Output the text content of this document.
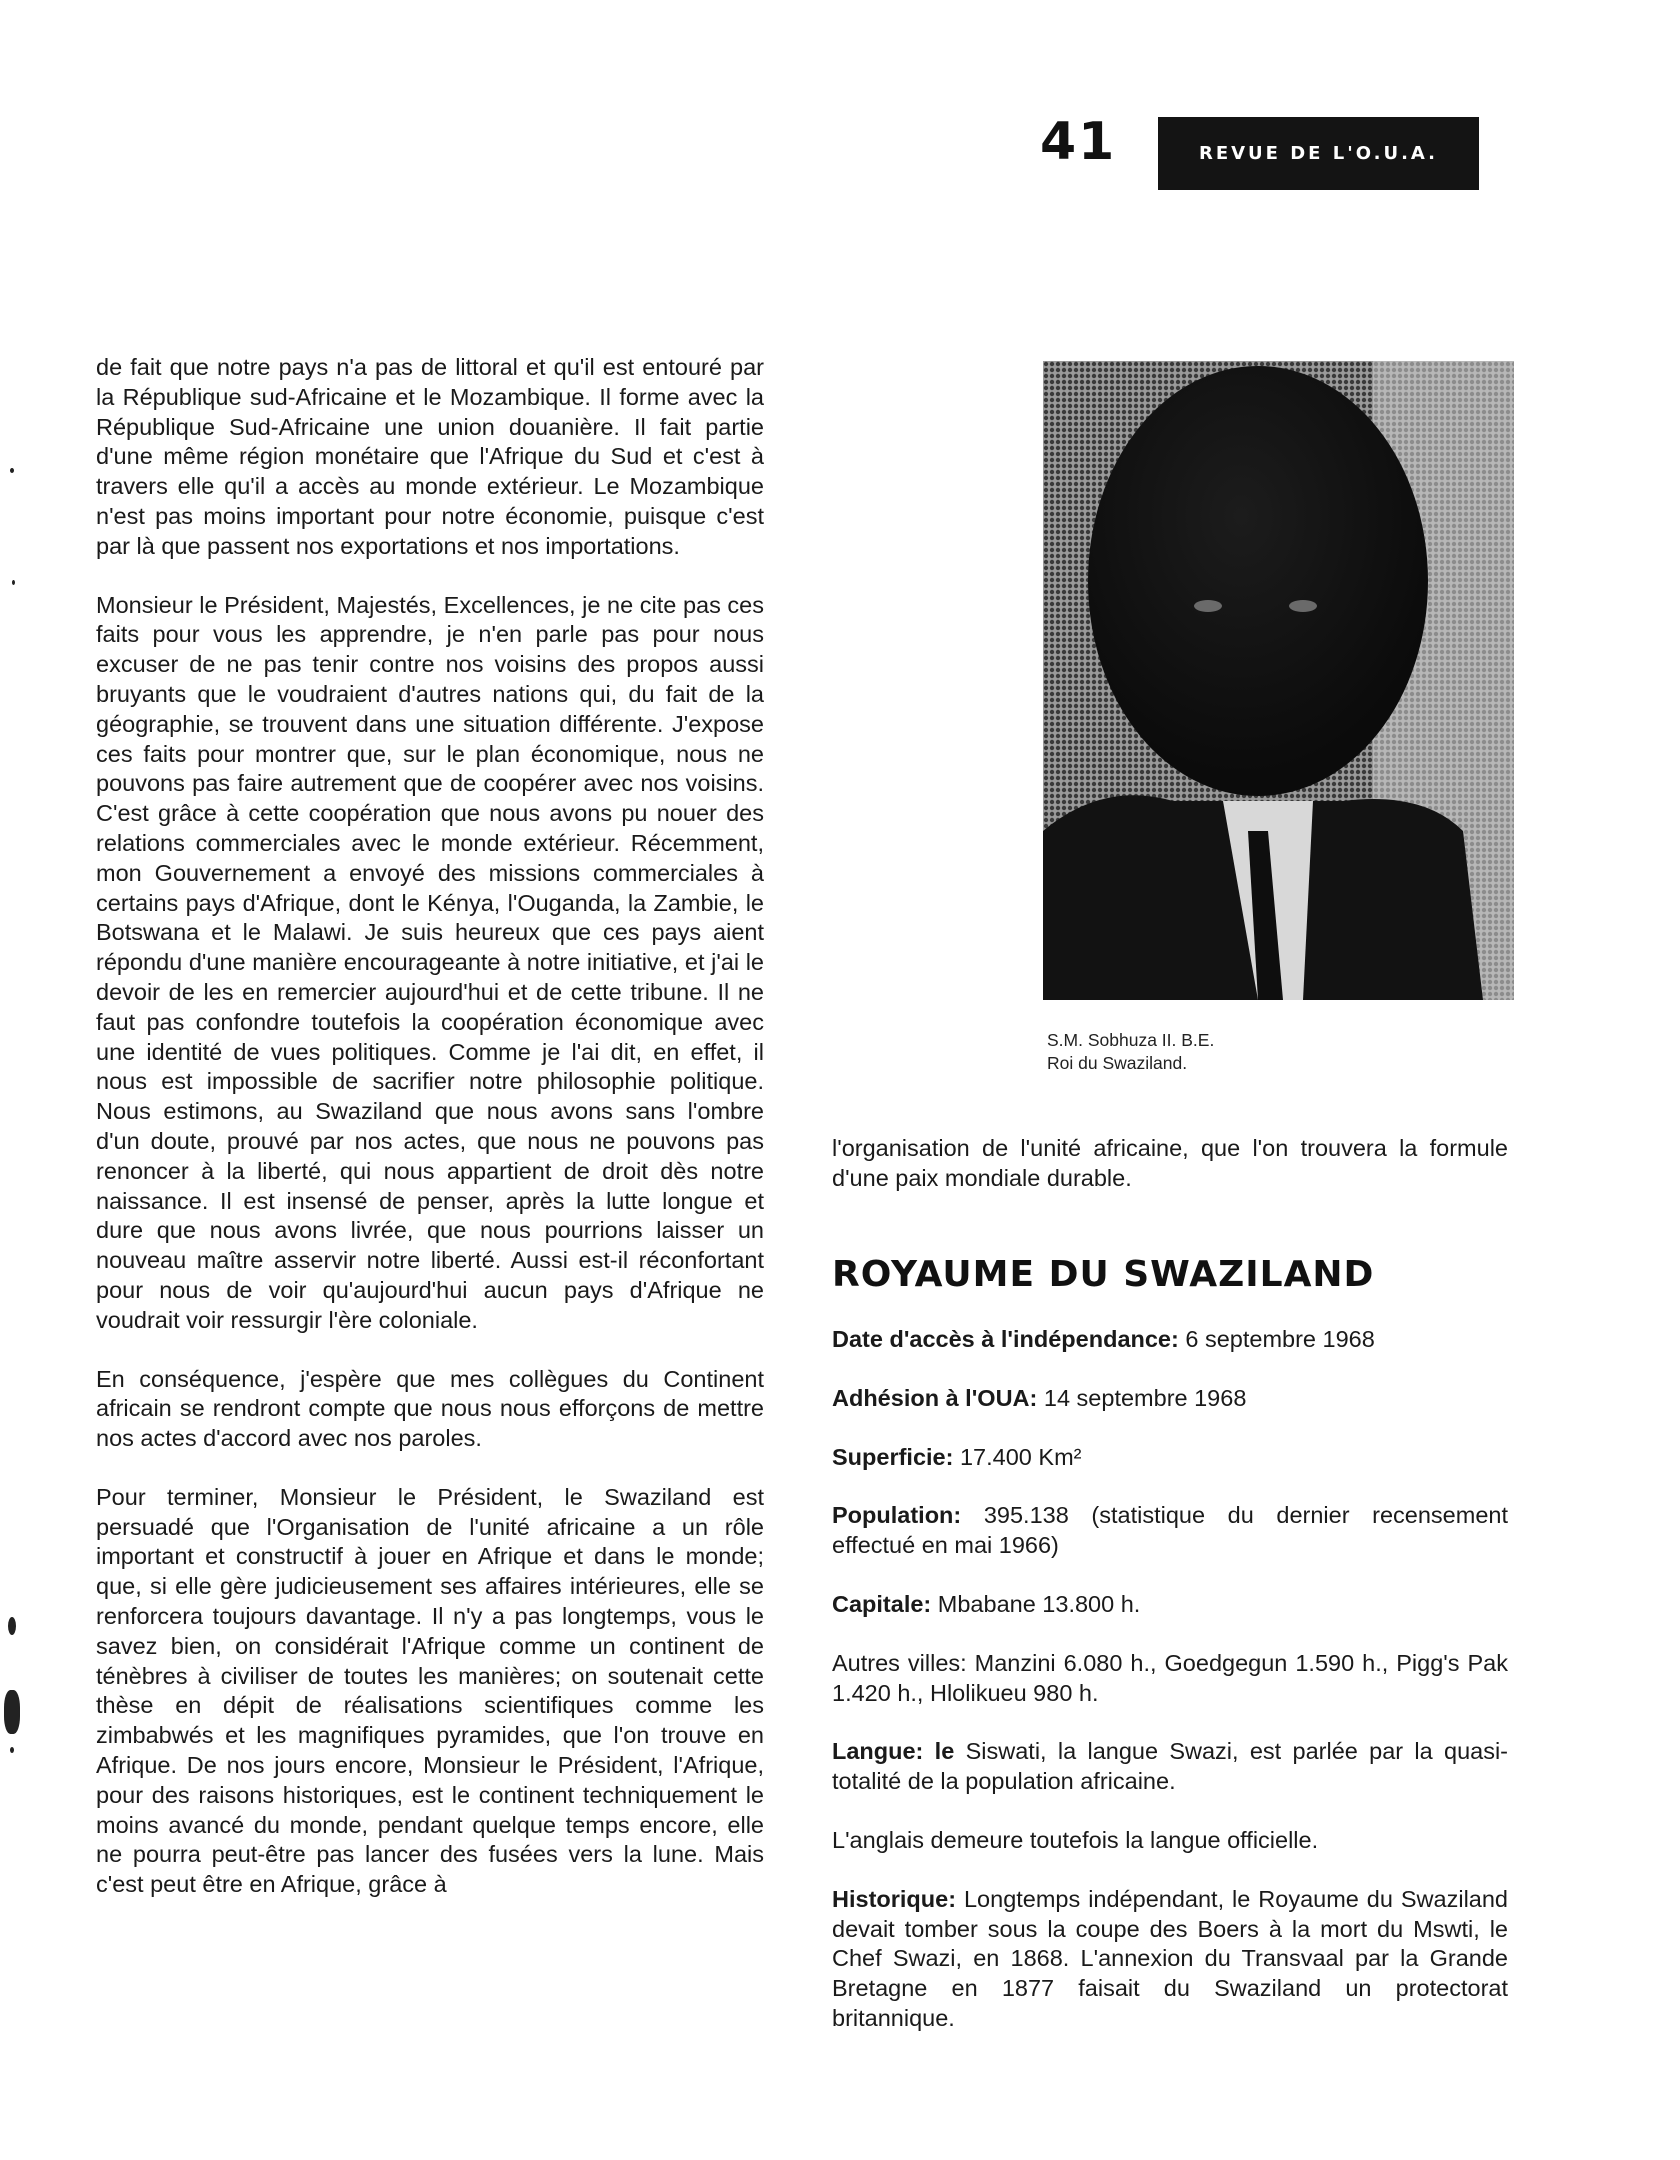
41	REVUE DE L'O.U.A.

de fait que notre pays n'a pas de littoral et qu'il est entouré par la République sud-Africaine et le Mozambique. Il forme avec la République Sud-Africaine une union douanière. Il fait partie d'une même région monétaire que l'Afrique du Sud et c'est à travers elle qu'il a accès au monde extérieur. Le Mozambique n'est pas moins important pour notre économie, puisque c'est par là que passent nos exportations et nos importations.

Monsieur le Président, Majestés, Excellences, je ne cite pas ces faits pour vous les apprendre, je n'en parle pas pour nous excuser de ne pas tenir contre nos voisins des propos aussi bruyants que le voudraient d'autres nations qui, du fait de la géographie, se trouvent dans une situation différente. J'expose ces faits pour montrer que, sur le plan économique, nous ne pouvons pas faire autrement que de coopérer avec nos voisins. C'est grâce à cette coopération que nous avons pu nouer des relations commerciales avec le monde extérieur. Récemment, mon Gouvernement a envoyé des missions commerciales à certains pays d'Afrique, dont le Kénya, l'Ouganda, la Zambie, le Botswana et le Malawi. Je suis heureux que ces pays aient répondu d'une manière encourageante à notre initiative, et j'ai le devoir de les en remercier aujourd'hui et de cette tribune. Il ne faut pas confondre toutefois la coopération économique avec une identité de vues politiques. Comme je l'ai dit, en effet, il nous est impossible de sacrifier notre philosophie politique. Nous estimons, au Swaziland que nous avons sans l'ombre d'un doute, prouvé par nos actes, que nous ne pouvons pas renoncer à la liberté, qui nous appartient de droit dès notre naissance. Il est insensé de penser, après la lutte longue et dure que nous avons livrée, que nous pourrions laisser un nouveau maître asservir notre liberté. Aussi est-il réconfortant pour nous de voir qu'aujourd'hui aucun pays d'Afrique ne voudrait voir ressurgir l'ère coloniale.

En conséquence, j'espère que mes collègues du Continent africain se rendront compte que nous nous efforçons de mettre nos actes d'accord avec nos paroles.

Pour terminer, Monsieur le Président, le Swaziland est persuadé que l'Organisation de l'unité africaine a un rôle important et constructif à jouer en Afrique et dans le monde; que, si elle gère judicieusement ses affaires intérieures, elle se renforcera toujours davantage. Il n'y a pas longtemps, vous le savez bien, on considérait l'Afrique comme un continent de ténèbres à civiliser de toutes les manières; on soutenait cette thèse en dépit de réalisations scientifiques comme les zimbabwés et les magnifiques pyramides, que l'on trouve en Afrique. De nos jours encore, Monsieur le Président, l'Afrique, pour des raisons historiques, est le continent techniquement le moins avancé du monde, pendant quelque temps encore, elle ne pourra peut-être pas lancer des fusées vers la lune. Mais c'est peut être en Afrique, grâce à

S.M. Sobhuza II. B.E.
Roi du Swaziland.

l'organisation de l'unité africaine, que l'on trouvera la formule d'une paix mondiale durable.

ROYAUME DU SWAZILAND

Date d'accès à l'indépendance: 6 septembre 1968

Adhésion à l'OUA: 14 septembre 1968

Superficie: 17.400 Km²

Population: 395.138 (statistique du dernier recensement effectué en mai 1966)

Capitale: Mbabane 13.800 h.

Autres villes: Manzini 6.080 h., Goedgegun 1.590 h., Pigg's Pak 1.420 h., Hlolikueu 980 h.

Langue: le Siswati, la langue Swazi, est parlée par la quasi-totalité de la population africaine.

L'anglais demeure toutefois la langue officielle.

Historique: Longtemps indépendant, le Royaume du Swaziland devait tomber sous la coupe des Boers à la mort du Mswti, le Chef Swazi, en 1868. L'annexion du Transvaal par la Grande Bretagne en 1877 faisait du Swaziland un protectorat britannique.
